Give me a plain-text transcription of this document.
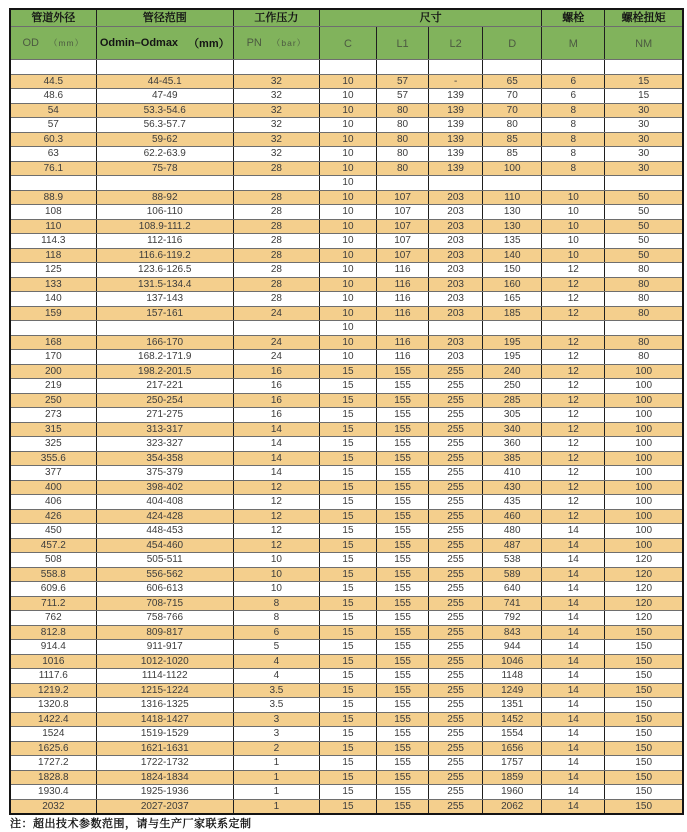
管道外径	管径范围	工作压力	尺寸				螺栓	螺栓扭矩

OD （mm）	Odmin–Odmax （mm）	PN （bar）	C	L1	L2	D	M	NM

44.5	44-45.1	32	10	57	-	65	6	15
48.6	47-49	32	10	57	139	70	6	15
54	53.3-54.6	32	10	80	139	70	8	30
57	56.3-57.7	32	10	80	139	80	8	30
60.3	59-62	32	10	80	139	85	8	30
63	62.2-63.9	32	10	80	139	85	8	30
76.1	75-78	28	10	80	139	100	8	30
			10					
88.9	88-92	28	10	107	203	110	10	50
108	106-110	28	10	107	203	130	10	50
110	108.9-111.2	28	10	107	203	130	10	50
114.3	112-116	28	10	107	203	135	10	50
118	116.6-119.2	28	10	107	203	140	10	50
125	123.6-126.5	28	10	116	203	150	12	80
133	131.5-134.4	28	10	116	203	160	12	80
140	137-143	28	10	116	203	165	12	80
159	157-161	24	10	116	203	185	12	80
			10					
168	166-170	24	10	116	203	195	12	80
170	168.2-171.9	24	10	116	203	195	12	80
200	198.2-201.5	16	15	155	255	240	12	100
219	217-221	16	15	155	255	250	12	100
250	250-254	16	15	155	255	285	12	100
273	271-275	16	15	155	255	305	12	100
315	313-317	14	15	155	255	340	12	100
325	323-327	14	15	155	255	360	12	100
355.6	354-358	14	15	155	255	385	12	100
377	375-379	14	15	155	255	410	12	100
400	398-402	12	15	155	255	430	12	100
406	404-408	12	15	155	255	435	12	100
426	424-428	12	15	155	255	460	12	100
450	448-453	12	15	155	255	480	14	100
457.2	454-460	12	15	155	255	487	14	100
508	505-511	10	15	155	255	538	14	120
558.8	556-562	10	15	155	255	589	14	120
609.6	606-613	10	15	155	255	640	14	120
711.2	708-715	8	15	155	255	741	14	120
762	758-766	8	15	155	255	792	14	120
812.8	809-817	6	15	155	255	843	14	150
914.4	911-917	5	15	155	255	944	14	150
1016	1012-1020	4	15	155	255	1046	14	150
1117.6	1114-1122	4	15	155	255	1148	14	150
1219.2	1215-1224	3.5	15	155	255	1249	14	150
1320.8	1316-1325	3.5	15	155	255	1351	14	150
1422.4	1418-1427	3	15	155	255	1452	14	150
1524	1519-1529	3	15	155	255	1554	14	150
1625.6	1621-1631	2	15	155	255	1656	14	150
1727.2	1722-1732	1	15	155	255	1757	14	150
1828.8	1824-1834	1	15	155	255	1859	14	150
1930.4	1925-1936	1	15	155	255	1960	14	150
2032	2027-2037	1	15	155	255	2062	14	150
注：超出技术参数范围，请与生产厂家联系定制
